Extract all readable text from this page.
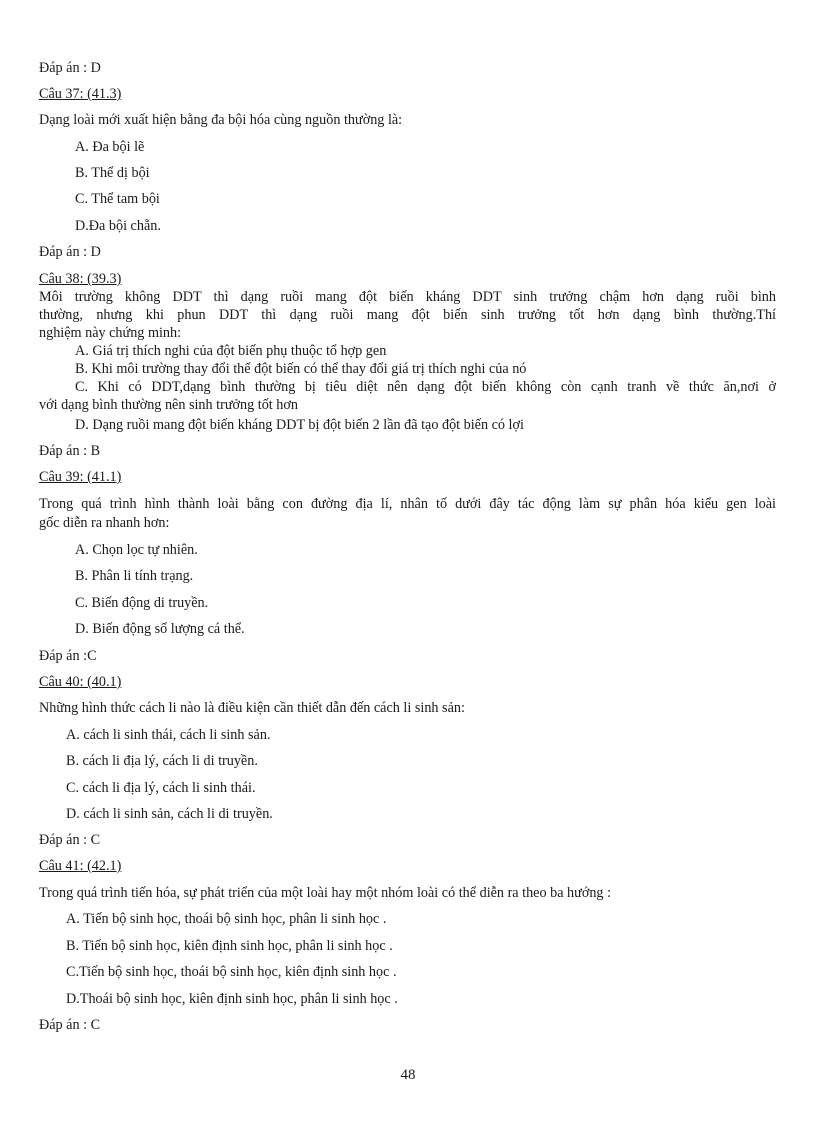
Đáp án : D
Câu 37: (41.3)
Dạng loài mới xuất hiện bằng đa bội hóa cùng nguồn thường là:
A. Đa bội lẽ
B. Thể dị bội
C. Thể tam bội
D.Đa bội chẵn.
Đáp án : D
Câu 38: (39.3)
Môi trường không DDT thì dạng ruồi mang đột biến kháng DDT sinh trưởng chậm hơn dạng ruồi bình
thường, nhưng khi phun DDT thì dạng ruồi mang đột biến sinh trưởng tốt hơn dạng bình thường.Thí
nghiệm này chứng minh:
A. Giá trị thích nghi của đột biến phụ thuộc tổ hợp gen
B. Khi môi trường thay đổi thể đột biến có thể thay đổi giá trị thích nghi của nó
C. Khi có DDT,dạng bình thường bị tiêu diệt nên dạng đột biến không còn cạnh tranh về thức ăn,nơi ở
với dạng bình thường nên sinh trưởng tốt hơn
D. Dạng ruồi mang đột biến kháng DDT bị đột biến 2 lần đã tạo đột biến có lợi
Đáp án : B
Câu 39: (41.1)
Trong quá trình hình thành loài bằng con đường địa lí, nhân tố dưới đây tác động làm sự phân hóa kiểu gen loài
gốc diễn ra nhanh hơn:
A. Chọn lọc tự nhiên.
B. Phân li tính trạng.
C. Biến động di truyền.
D. Biến động số lượng cá thể.
Đáp án :C
Câu 40: (40.1)
Những hình thức cách li nào là điều kiện cần thiết dẫn đến cách li sinh sản:
A. cách li sinh thái, cách li sinh sản.
B. cách li địa lý, cách li di truyền.
C. cách li địa lý, cách li sinh thái.
D. cách li sinh sản, cách li di truyền.
Đáp án : C
Câu 41: (42.1)
Trong quá trình tiến hóa, sự phát triển của một loài hay một nhóm loài có thể diễn ra theo ba hướng :
A. Tiến bộ sinh học, thoái bộ sinh học, phân li sinh học .
B. Tiến bộ sinh học, kiên định sinh học, phân li sinh học .
C.Tiến bộ sinh học, thoái bộ sinh học, kiên định sinh học .
D.Thoái bộ sinh học, kiên định sinh học, phân li sinh học .
Đáp án : C
48
